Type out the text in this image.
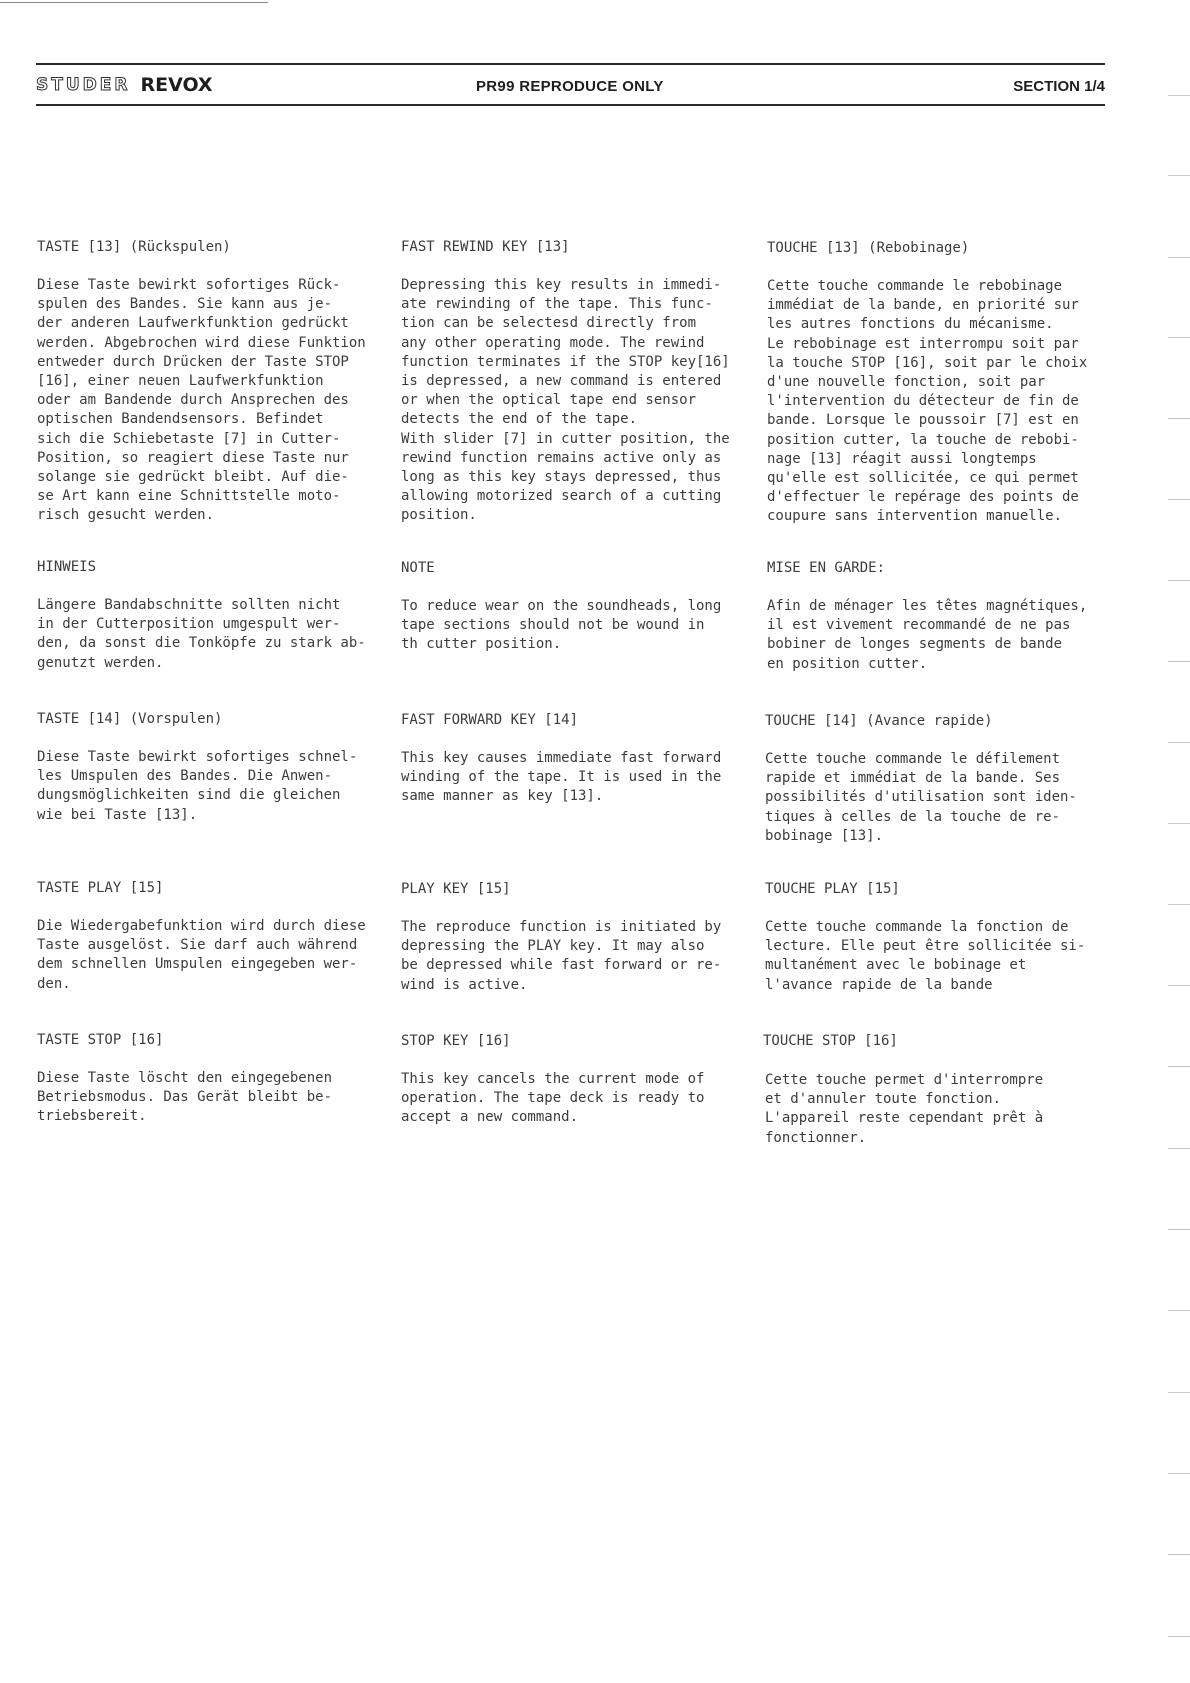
STUDER REVOX	PR99 REPRODUCE ONLY	SECTION 1/4
TASTE [13] (Rückspulen)	FAST REWIND KEY [13]	TOUCHE [13] (Rebobinage)
Diese Taste bewirkt sofortiges Rück-
spulen des Bandes. Sie kann aus je-
der anderen Laufwerkfunktion gedrückt
werden. Abgebrochen wird diese Funktion
entweder durch Drücken der Taste STOP
[16], einer neuen Laufwerkfunktion
oder am Bandende durch Ansprechen des
optischen Bandendsensors. Befindet
sich die Schiebetaste [7] in Cutter-
Position, so reagiert diese Taste nur
solange sie gedrückt bleibt. Auf die-
se Art kann eine Schnittstelle moto-
risch gesucht werden.
Depressing this key results in immedi-
ate rewinding of the tape. This func-
tion can be selectesd directly from
any other operating mode. The rewind
function terminates if the STOP key[16]
is depressed, a new command is entered
or when the optical tape end sensor
detects the end of the tape.
With slider [7] in cutter position, the
rewind function remains active only as
long as this key stays depressed, thus
allowing motorized search of a cutting
position.
Cette touche commande le rebobinage
immédiat de la bande, en priorité sur
les autres fonctions du mécanisme.
Le rebobinage est interrompu soit par
la touche STOP [16], soit par le choix
d'une nouvelle fonction, soit par
l'intervention du détecteur de fin de
bande. Lorsque le poussoir [7] est en
position cutter, la touche de rebobi-
nage [13] réagit aussi longtemps
qu'elle est sollicitée, ce qui permet
d'effectuer le repérage des points de
coupure sans intervention manuelle.
HINWEIS	NOTE	MISE EN GARDE:
Längere Bandabschnitte sollten nicht
in der Cutterposition umgespult wer-
den, da sonst die Tonköpfe zu stark ab-
genutzt werden.
To reduce wear on the soundheads, long
tape sections should not be wound in
th cutter position.
Afin de ménager les têtes magnétiques,
il est vivement recommandé de ne pas
bobiner de longes segments de bande
en position cutter.
TASTE [14] (Vorspulen)	FAST FORWARD KEY [14]	TOUCHE [14] (Avance rapide)
Diese Taste bewirkt sofortiges schnel-
les Umspulen des Bandes. Die Anwen-
dungsmöglichkeiten sind die gleichen
wie bei Taste [13].
This key causes immediate fast forward
winding of the tape. It is used in the
same manner as key [13].
Cette touche commande le défilement
rapide et immédiat de la bande. Ses
possibilités d'utilisation sont iden-
tiques à celles de la touche de re-
bobinage [13].
TASTE PLAY [15]	PLAY KEY [15]	TOUCHE PLAY [15]
Die Wiedergabefunktion wird durch diese
Taste ausgelöst. Sie darf auch während
dem schnellen Umspulen eingegeben wer-
den.
The reproduce function is initiated by
depressing the PLAY key. It may also
be depressed while fast forward or re-
wind is active.
Cette touche commande la fonction de
lecture. Elle peut être sollicitée si-
multanément avec le bobinage et
l'avance rapide de la bande
TASTE STOP [16]	STOP KEY [16]	TOUCHE STOP [16]
Diese Taste löscht den eingegebenen
Betriebsmodus. Das Gerät bleibt be-
triebsbereit.
This key cancels the current mode of
operation. The tape deck is ready to
accept a new command.
Cette touche permet d'interrompre
et d'annuler toute fonction.
L'appareil reste cependant prêt à
fonctionner.
